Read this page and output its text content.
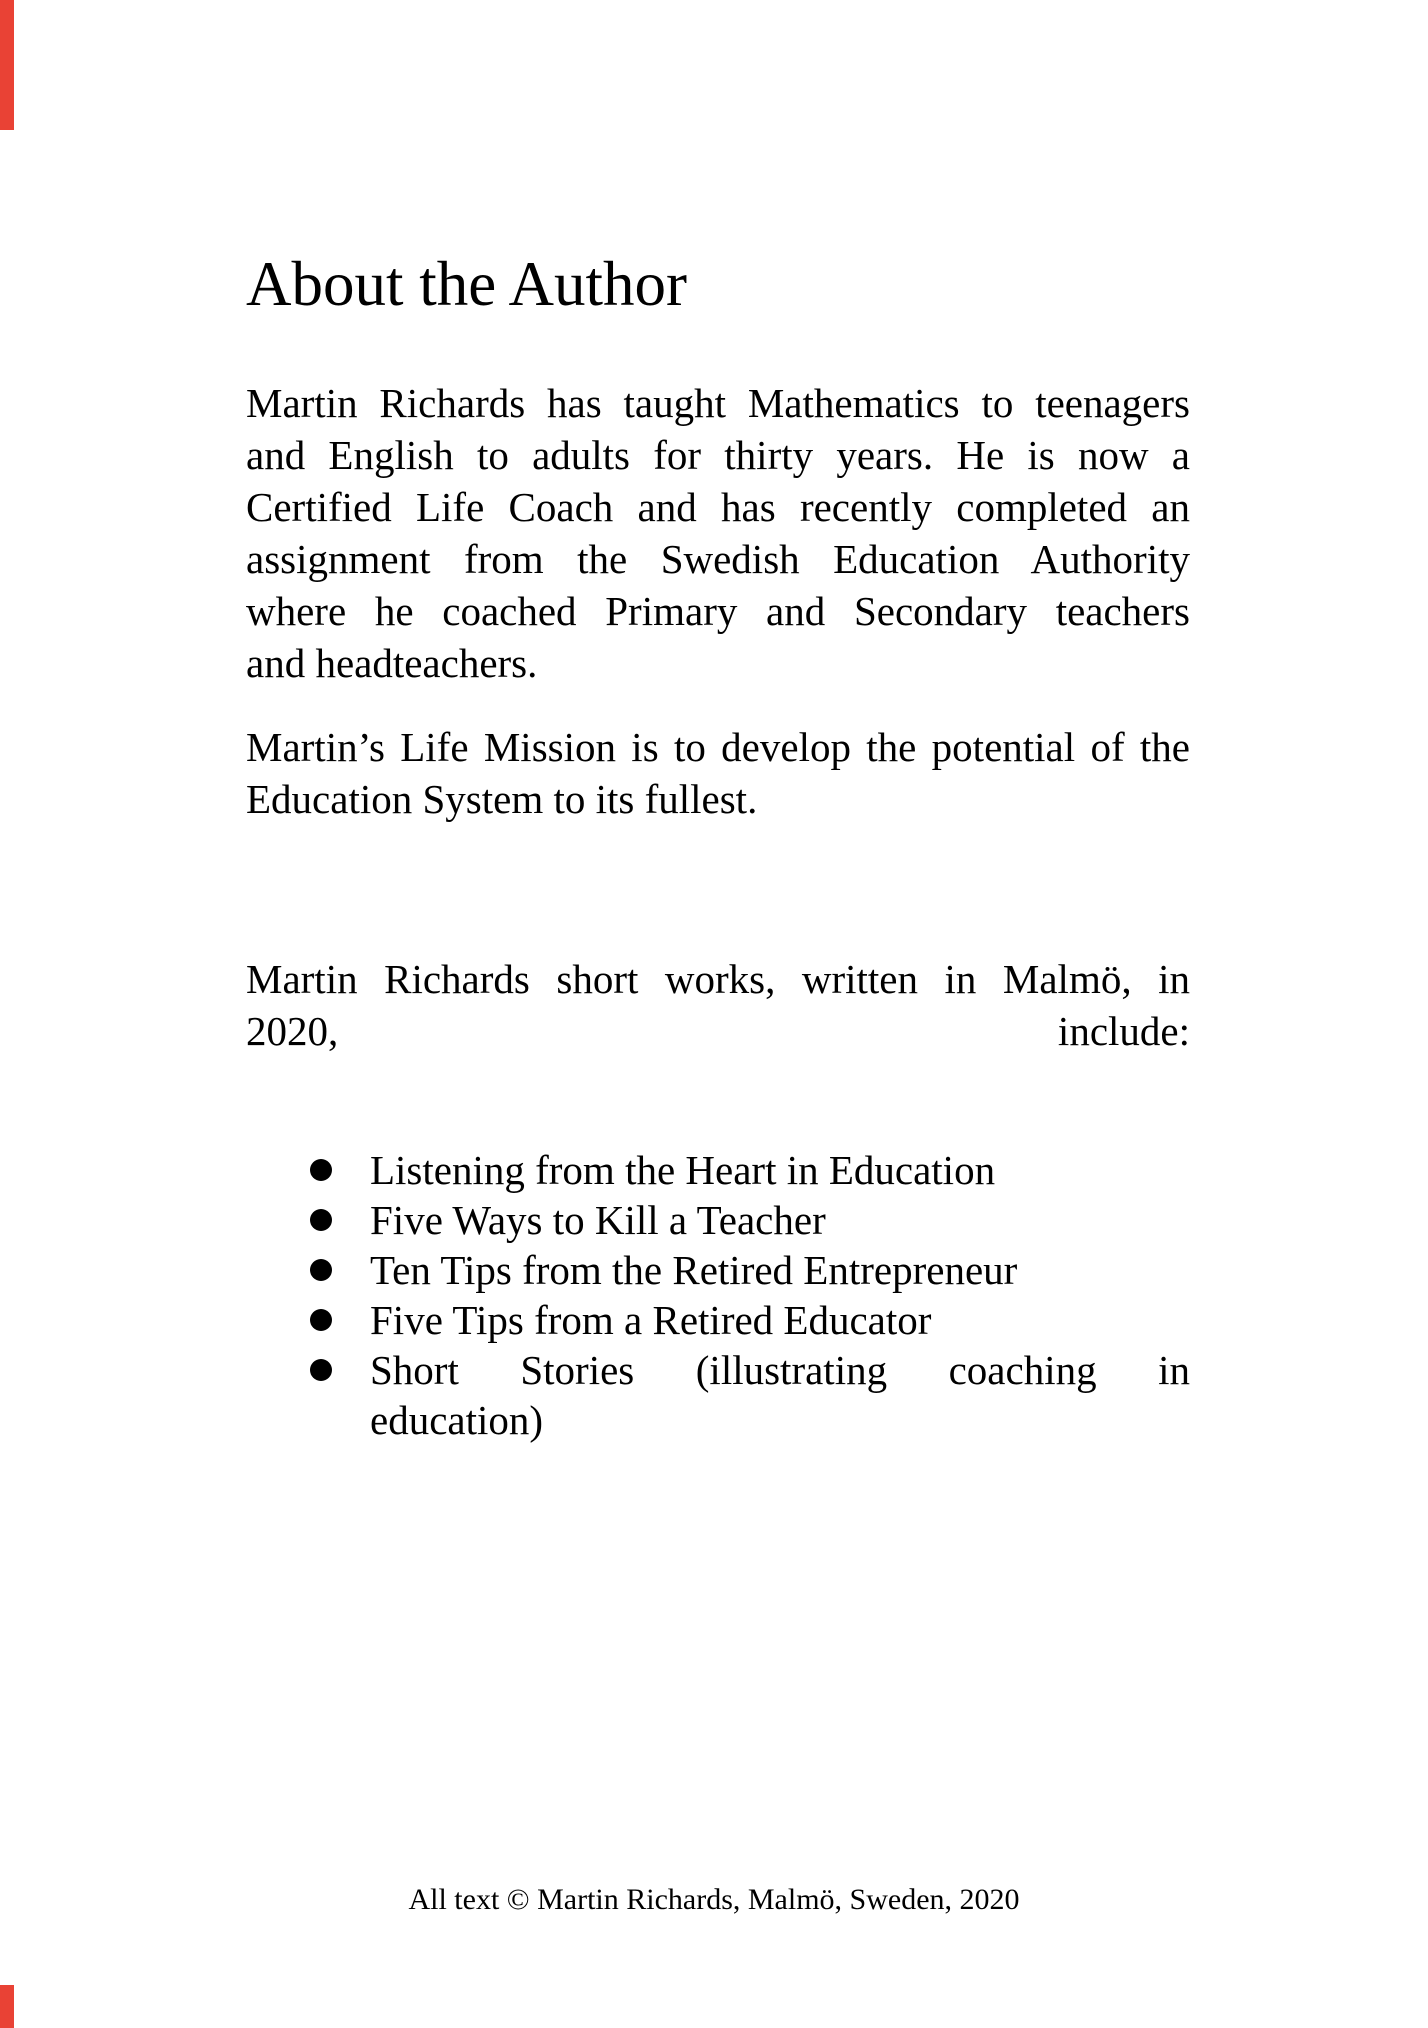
About the Author
Martin Richards has taught Mathematics to teenagers
and English to adults for thirty years. He is now a
Certified Life Coach and has recently completed an
assignment from the Swedish Education Authority
where he coached Primary and Secondary teachers
and headteachers.
Martin’s Life Mission is to develop the potential of the
Education System to its fullest.
Martin Richards short works, written in Malmö, in
2020, include:
Listening from the Heart in Education
Five Ways to Kill a Teacher
Ten Tips from the Retired Entrepreneur
Five Tips from a Retired Educator
Short Stories (illustrating coaching in
education)
All text © Martin Richards, Malmö, Sweden, 2020
